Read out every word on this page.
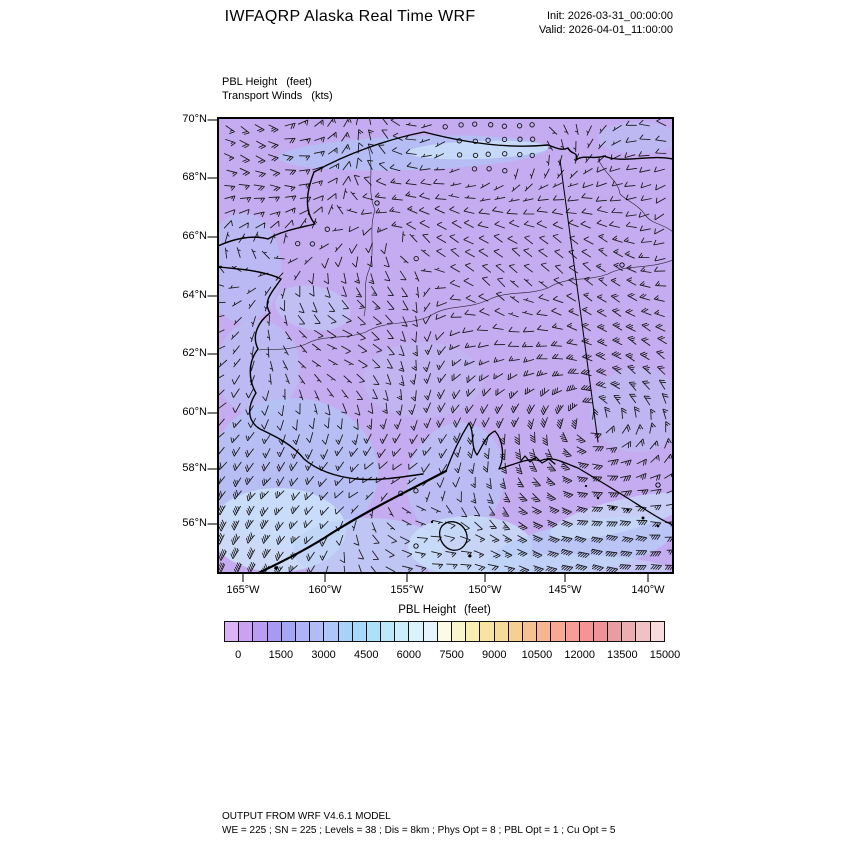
IWFAQRP Alaska Real Time WRF	Init: 2026-03-31_00:00:00
Valid: 2026-04-01_11:00:00
PBL Height (feet)
Transport Winds (kts)
PBL Height (feet)
OUTPUT FROM WRF V4.6.1 MODEL
WE = 225 ; SN = 225 ; Levels = 38 ; Dis = 8km ; Phys Opt = 8 ; PBL Opt = 1 ; Cu Opt = 5
70°N
68°N
66°N
64°N
62°N
60°N
58°N
56°N
165°W	160°W	155°W	150°W	145°W	140°W
0	1500	3000	4500	6000	7500	9000	10500	12000	13500	15000
